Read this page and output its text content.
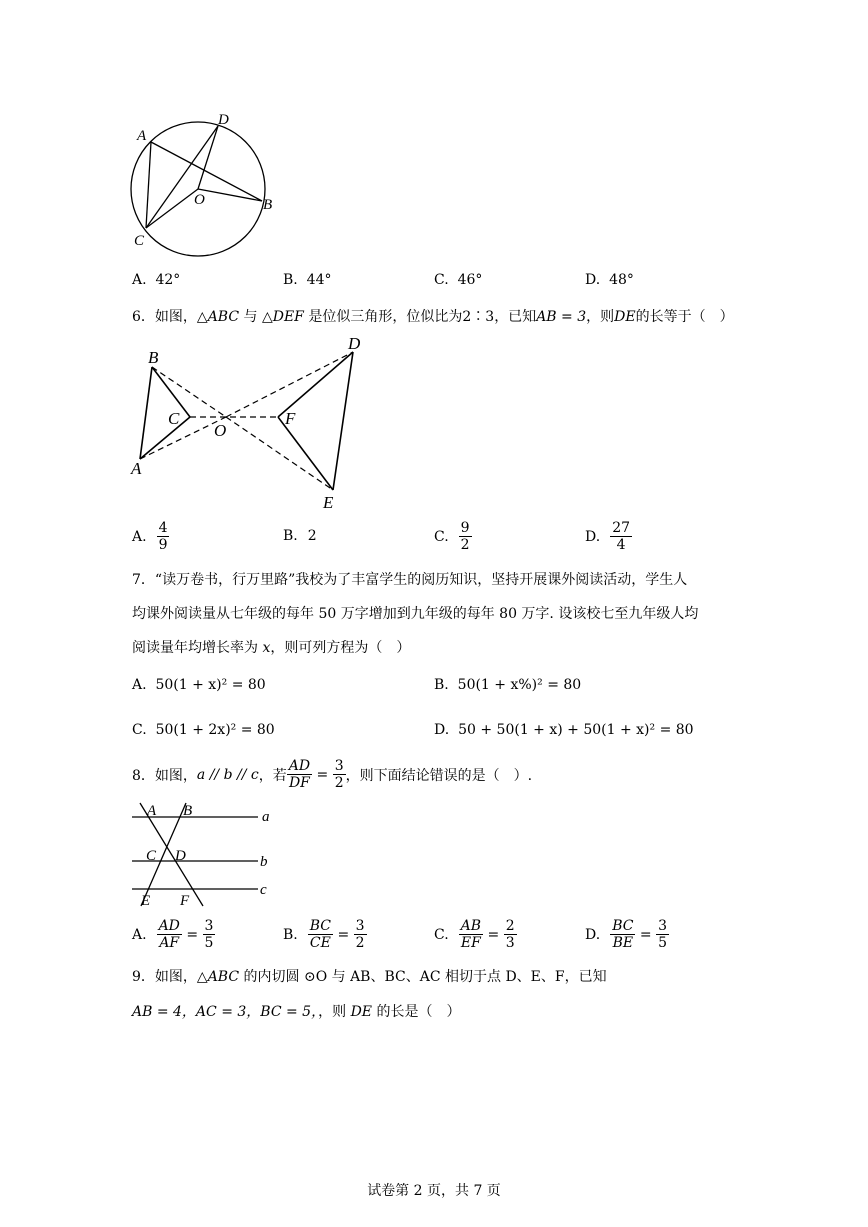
A
D
O	B
C
A. 42°	B. 44°	C. 46°	D. 48°
6．如图，△ABC 与 △DEF 是位似三角形，位似比为2∶3，已知AB = 3，则DE的长等于（　）
B
C
O
F
A
D
E
A. $\frac{4}{9}$	B. 2	C. $\frac{9}{2}$	D. $\frac{27}{4}$
7．“读万卷书，行万里路”我校为了丰富学生的阅历知识，坚持开展课外阅读活动，学生人
均课外阅读量从七年级的每年 50 万字增加到九年级的每年 80 万字. 设该校七至九年级人均
阅读量年均增长率为 x，则可列方程为（　）
A. 50(1 + x)² = 80	B. 50(1 + x%)² = 80
C. 50(1 + 2x)² = 80	D. 50 + 50(1 + x) + 50(1 + x)² = 80
8．如图， a // b // c ，若 $\frac{AD}{DF} = \frac{3}{2}$ ，则下面结论错误的是（　）.
A B
C D
E F
a
b
c
A. $\frac{AD}{AF} = \frac{3}{5}$	B. $\frac{BC}{CE} = \frac{3}{2}$	C. $\frac{AB}{EF} = \frac{2}{3}$	D. $\frac{BC}{BE} = \frac{3}{5}$
9．如图，△ABC 的内切圆 ⊙O 与 AB、BC、AC 相切于点 D、E、F，已知
AB = 4，AC = 3，BC = 5，，则 DE 的长是（　）
试卷第 2 页，共 7 页
